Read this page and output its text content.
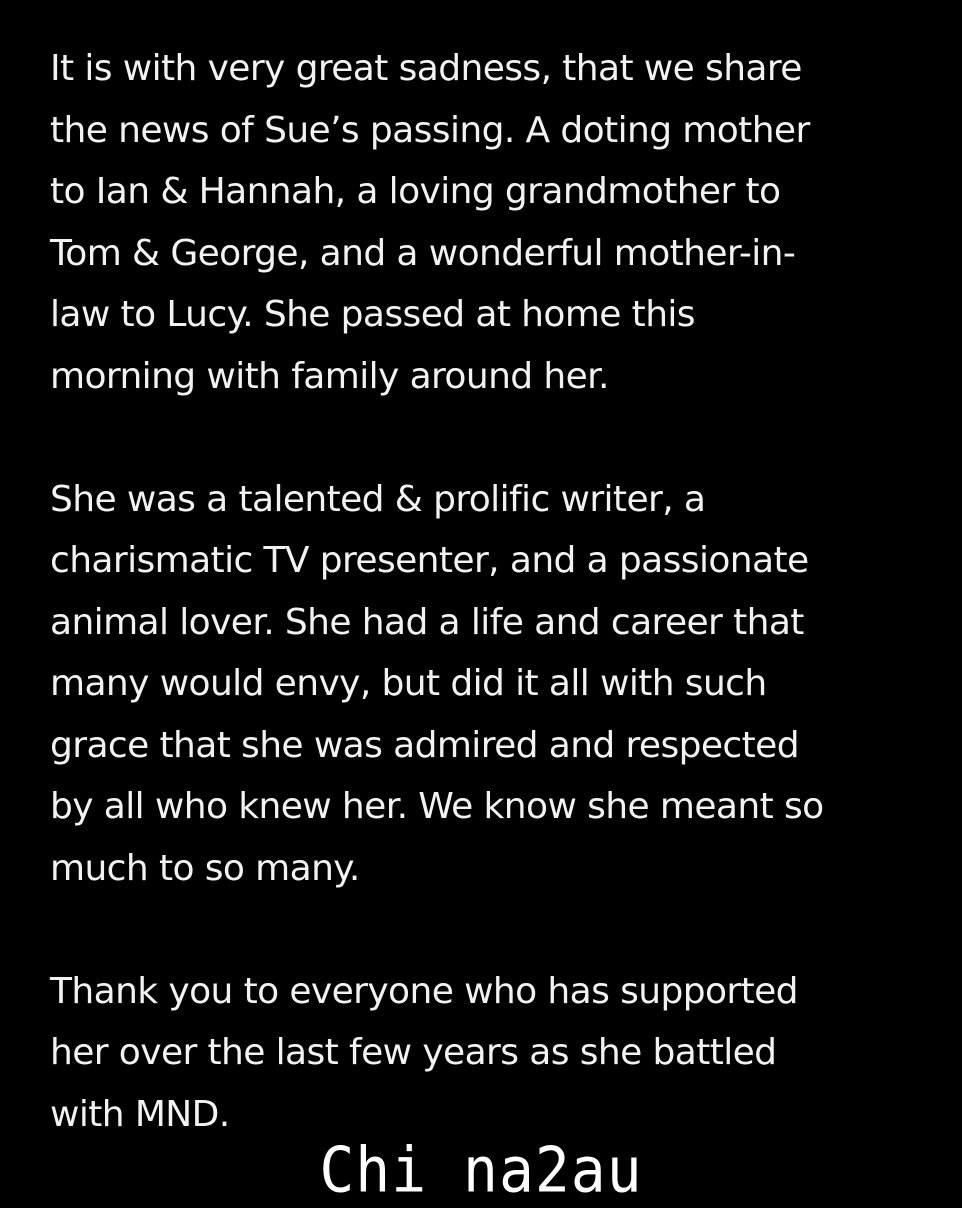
It is with very great sadness, that we share
the news of Sue’s passing. A doting mother
to Ian & Hannah, a loving grandmother to
Tom & George, and a wonderful mother-in-
law to Lucy. She passed at home this
morning with family around her.

She was a talented & prolific writer, a
charismatic TV presenter, and a passionate
animal lover. She had a life and career that
many would envy, but did it all with such
grace that she was admired and respected
by all who knew her. We know she meant so
much to so many.

Thank you to everyone who has supported
her over the last few years as she battled
with MND.

Chi na2au
